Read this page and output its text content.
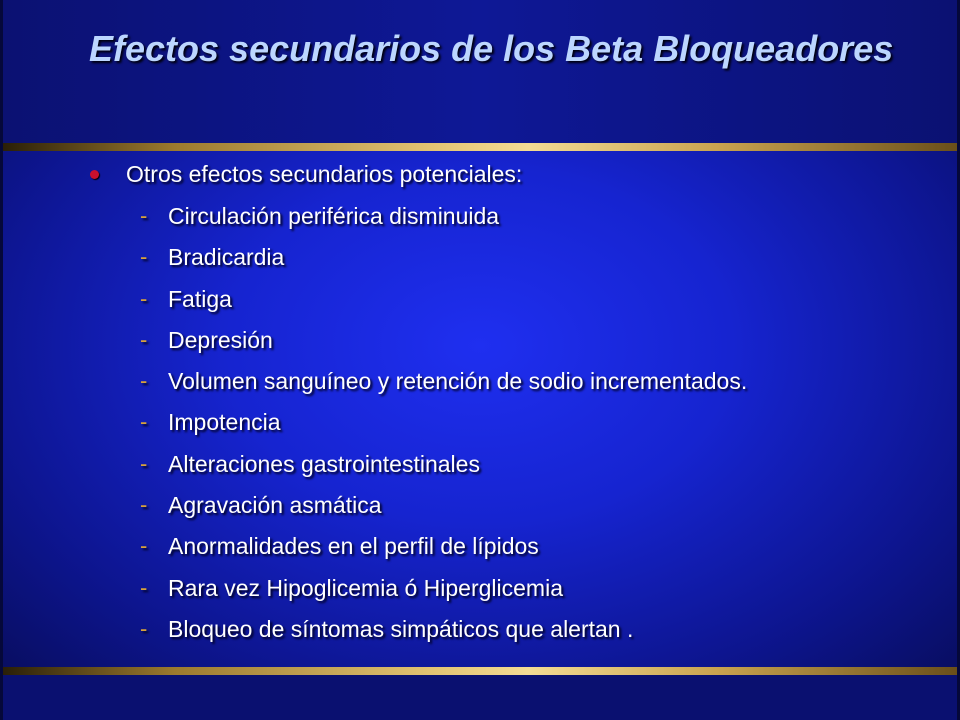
Efectos secundarios de los Beta Bloqueadores
Otros efectos secundarios potenciales:
- Circulación periférica disminuida
- Bradicardia
- Fatiga
- Depresión
- Volumen sanguíneo y retención de sodio incrementados.
- Impotencia
- Alteraciones gastrointestinales
- Agravación asmática
- Anormalidades en el perfil de lípidos
- Rara vez Hipoglicemia ó Hiperglicemia
- Bloqueo de síntomas simpáticos que alertan .
